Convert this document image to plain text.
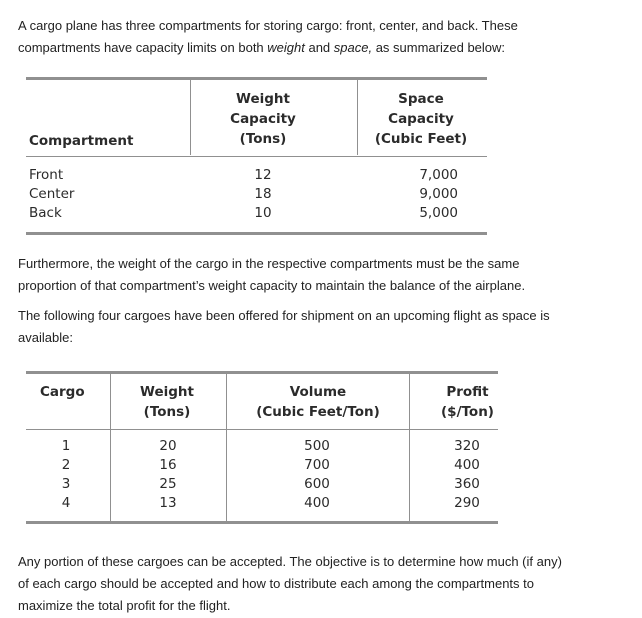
A cargo plane has three compartments for storing cargo: front, center, and back. These
compartments have capacity limits on both weight and space, as summarized below:

Compartment
Weight
Capacity
(Tons)
Space
Capacity
(Cubic Feet)
Front
Center
Back
12
18
10
7,000
9,000
5,000

Furthermore, the weight of the cargo in the respective compartments must be the same
proportion of that compartment’s weight capacity to maintain the balance of the airplane.

The following four cargoes have been offered for shipment on an upcoming flight as space is
available:

Cargo	Weight
(Tons)
Volume
(Cubic Feet/Ton)
Profit
($/Ton)
1
2
3
4
20
16
25
13
500
700
600
400
320
400
360
290

Any portion of these cargoes can be accepted. The objective is to determine how much (if any)
of each cargo should be accepted and how to distribute each among the compartments to
maximize the total profit for the flight.
